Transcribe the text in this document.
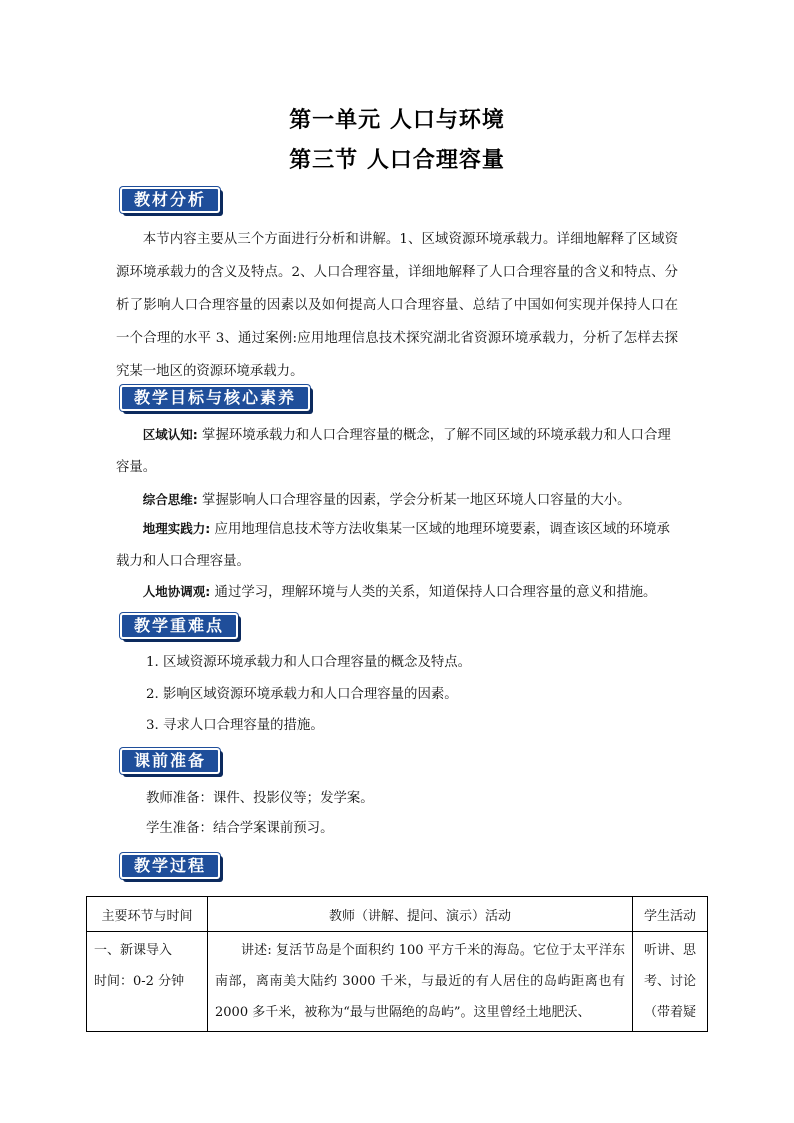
第一单元 人口与环境
第三节 人口合理容量
教材分析
本节内容主要从三个方面进行分析和讲解。1、区域资源环境承载力。详细地解释了区域资源环境承载力的含义及特点。2、人口合理容量，详细地解释了人口合理容量的含义和特点、分析了影响人口合理容量的因素以及如何提高人口合理容量、总结了中国如何实现并保持人口在一个合理的水平 3、通过案例:应用地理信息技术探究湖北省资源环境承载力，分析了怎样去探究某一地区的资源环境承载力。
教学目标与核心素养
区域认知: 掌握环境承载力和人口合理容量的概念，了解不同区域的环境承载力和人口合理容量。
综合思维: 掌握影响人口合理容量的因素，学会分析某一地区环境人口容量的大小。
地理实践力: 应用地理信息技术等方法收集某一区域的地理环境要素，调查该区域的环境承载力和人口合理容量。
人地协调观: 通过学习，理解环境与人类的关系，知道保持人口合理容量的意义和措施。
教学重难点
1. 区域资源环境承载力和人口合理容量的概念及特点。
2. 影响区域资源环境承载力和人口合理容量的因素。
3. 寻求人口合理容量的措施。
课前准备
教师准备：课件、投影仪等；发学案。
学生准备：结合学案课前预习。
教学过程
主要环节与时间	教师（讲解、提问、演示）活动	学生活动

一、新课导入
时间：0-2 分钟	讲述: 复活节岛是个面积约 100 平方千米的海岛。它位于太平洋东南部，离南美大陆约 3000 千米，与最近的有人居住的岛屿距离也有 2000 多千米，被称为“最与世隔绝的岛屿”。这里曾经土地肥沃、	听讲、思考、讨论（带着疑
